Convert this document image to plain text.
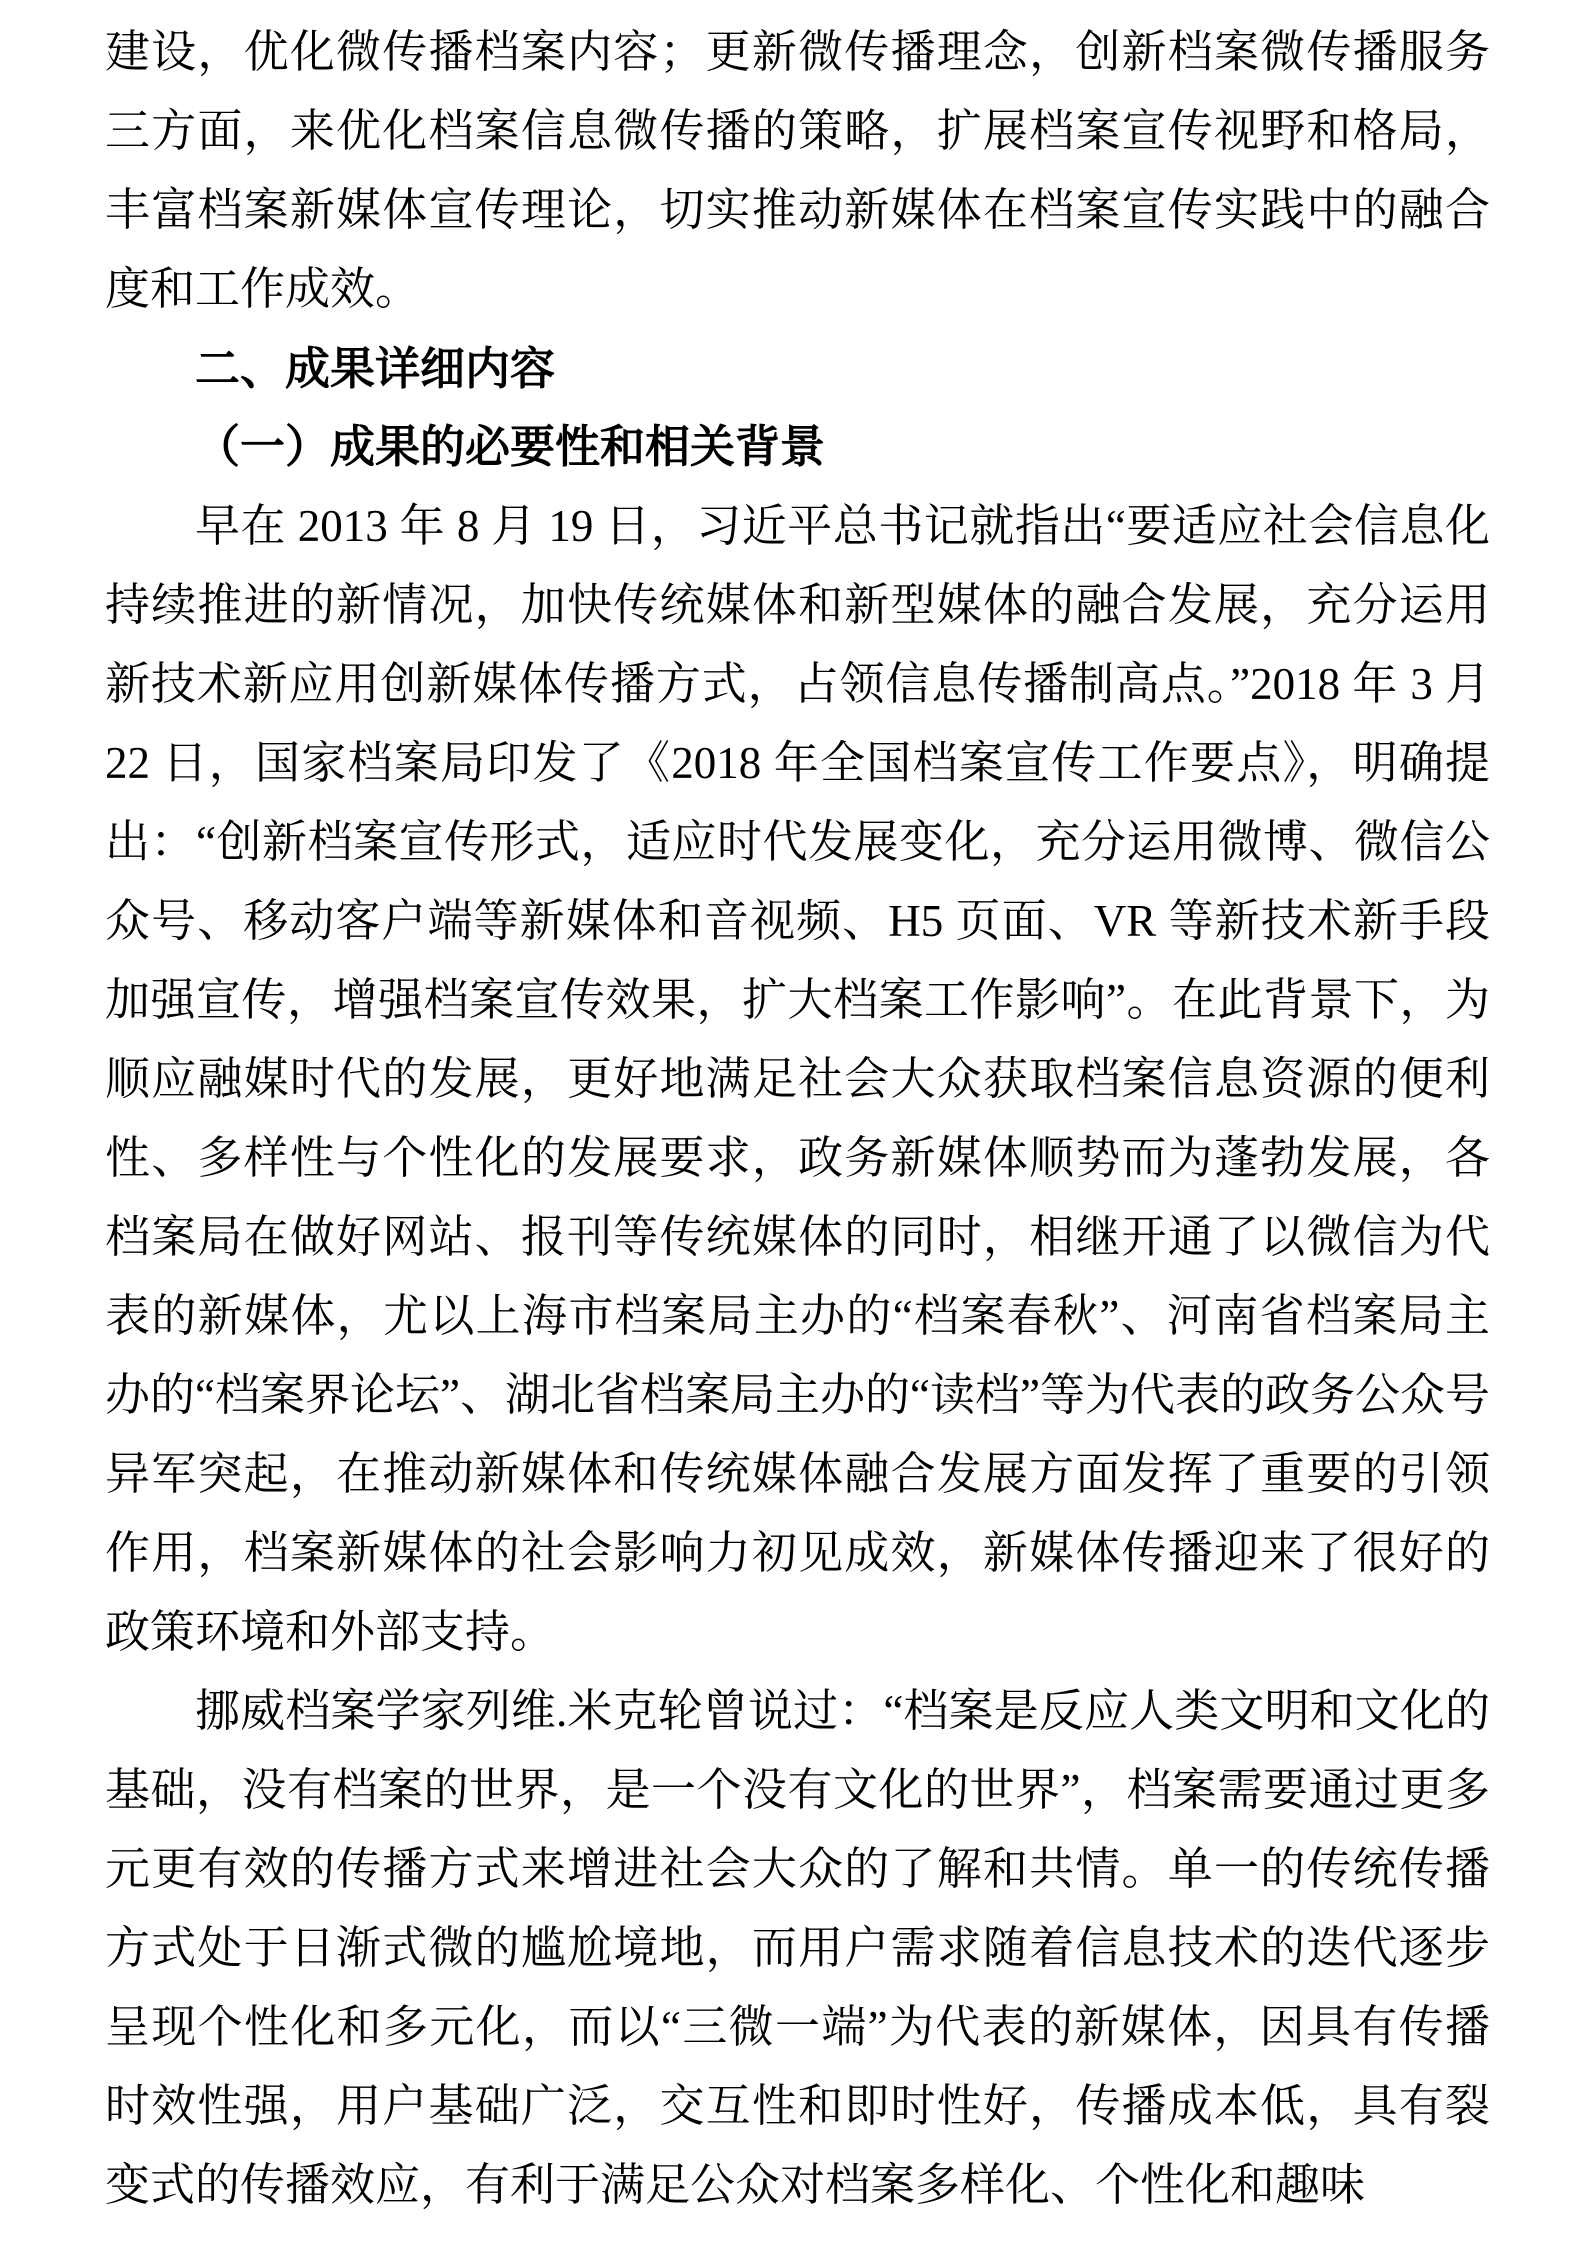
建设，优化微传播档案内容；更新微传播理念，创新档案微传播服务三方面，来优化档案信息微传播的策略，扩展档案宣传视野和格局，丰富档案新媒体宣传理论，切实推动新媒体在档案宣传实践中的融合度和工作成效。

二、成果详细内容
（一）成果的必要性和相关背景

早在 2013 年 8 月 19 日，习近平总书记就指出“要适应社会信息化持续推进的新情况，加快传统媒体和新型媒体的融合发展，充分运用新技术新应用创新媒体传播方式，占领信息传播制高点。”2018 年 3 月 22 日，国家档案局印发了《2018 年全国档案宣传工作要点》，明确提出：“创新档案宣传形式，适应时代发展变化，充分运用微博、微信公众号、移动客户端等新媒体和音视频、H5 页面、VR 等新技术新手段加强宣传，增强档案宣传效果，扩大档案工作影响”。在此背景下，为顺应融媒时代的发展，更好地满足社会大众获取档案信息资源的便利性、多样性与个性化的发展要求，政务新媒体顺势而为蓬勃发展，各档案局在做好网站、报刊等传统媒体的同时，相继开通了以微信为代表的新媒体，尤以上海市档案局主办的“档案春秋”、河南省档案局主办的“档案界论坛”、湖北省档案局主办的“读档”等为代表的政务公众号异军突起，在推动新媒体和传统媒体融合发展方面发挥了重要的引领作用，档案新媒体的社会影响力初见成效，新媒体传播迎来了很好的政策环境和外部支持。

挪威档案学家列维.米克轮曾说过：“档案是反应人类文明和文化的基础，没有档案的世界，是一个没有文化的世界”，档案需要通过更多元更有效的传播方式来增进社会大众的了解和共情。单一的传统传播方式处于日渐式微的尴尬境地，而用户需求随着信息技术的迭代逐步呈现个性化和多元化，而以“三微一端”为代表的新媒体，因具有传播时效性强，用户基础广泛，交互性和即时性好，传播成本低，具有裂变式的传播效应，有利于满足公众对档案多样化、个性化和趣味
